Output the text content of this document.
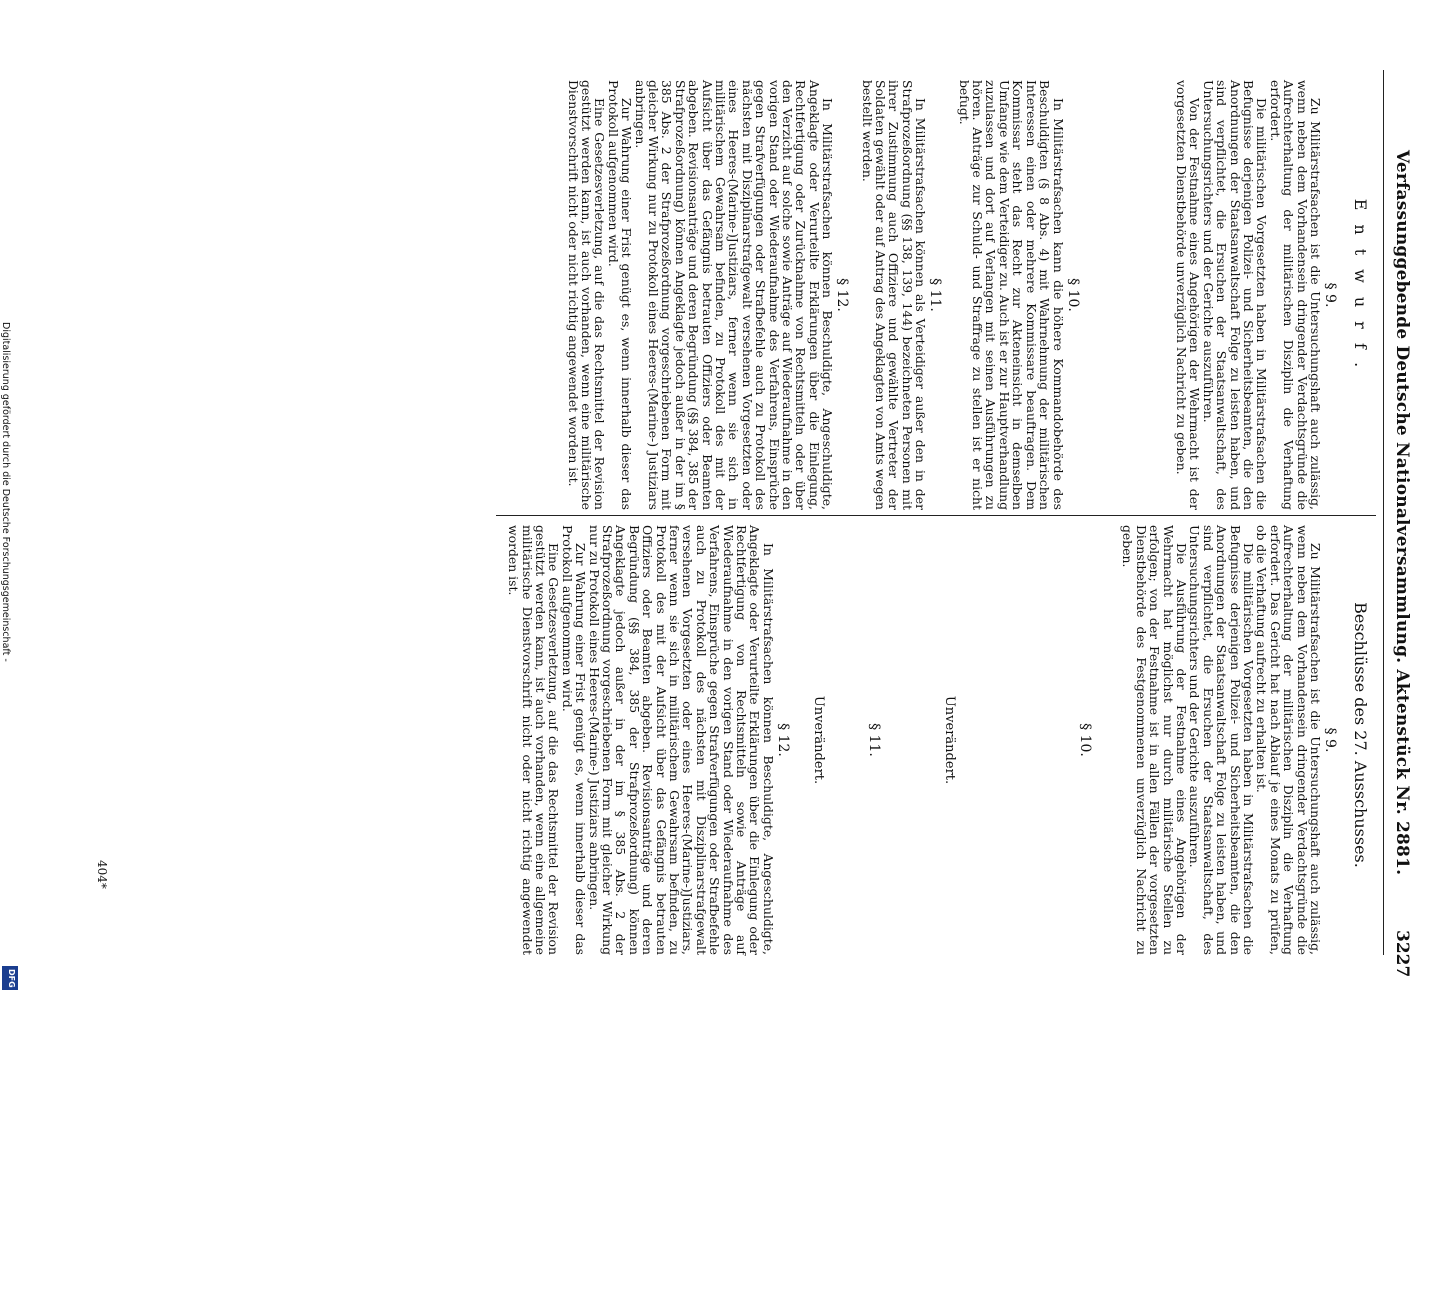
Verfassunggebende Deutsche Nationalversammlung. Aktenstück Nr. 2881.
3227
Entwurf.
§ 9.

Zu Militärstrafsachen ist die Untersuchungshaft auch zulässig, wenn neben dem Vorhandensein dringender Verdachtsgründe die Aufrechterhaltung der militärischen Disziplin die Verhaftung erfordert.

Die militärischen Vorgesetzten haben in Militärstrafsachen die Befugnisse derjenigen Polizei- und Sicherheitsbeamten, die den Anordnungen der Staatsanwaltschaft Folge zu leisten haben, und sind verpflichtet, die Ersuchen der Staatsanwaltschaft, des Untersuchungsrichters und der Gerichte auszuführen.

Von der Festnahme eines Angehörigen der Wehrmacht ist der vorgesetzten Dienstbehörde unverzüglich Nachricht zu geben.

§ 10.

In Militärstrafsachen kann die höhere Kommandobehörde des Beschuldigten (§ 8 Abs. 4) mit Wahrnehmung der militärischen Interessen einen oder mehrere Kommissare beauftragen. Dem Kommissar steht das Recht zur Akteneinsicht in demselben Umfange wie dem Verteidiger zu. Auch ist er zur Hauptverhandlung zuzulassen und dort auf Verlangen mit seinen Ausführungen zu hören. Anträge zur Schuld- und Straffrage zu stellen ist er nicht befugt.

§ 11.

In Militärstrafsachen können als Verteidiger außer den in der Strafprozeßordnung (§§ 138, 139, 144) bezeichneten Personen mit ihrer Zustimmung auch Offiziere und gewählte Vertreter der Soldaten gewählt oder auf Antrag des Angeklagten von Amts wegen bestellt werden.

§ 12.

In Militärstrafsachen können Beschuldigte, Angeschuldigte, Angeklagte oder Verurteilte Erklärungen über die Einlegung, Rechtfertigung oder Zurücknahme von Rechtsmitteln oder über den Verzicht auf solche sowie Anträge auf Wiederaufnahme in den vorigen Stand oder Wiederaufnahme des Verfahrens, Einsprüche gegen Strafverfügungen oder Strafbefehle auch zu Protokoll des nächsten mit Disziplinarstrafgewalt versehenen Vorgesetzten oder eines Heeres-(Marine-)Justiziars, ferner wenn sie sich in militärischem Gewahrsam befinden, zu Protokoll des mit der Aufsicht über das Gefängnis betrauten Offiziers oder Beamten abgeben. Revisionsanträge und deren Begründung (§§ 384, 385 der Strafprozeßordnung) können Angeklagte jedoch außer in der im § 385 Abs. 2 der Strafprozeßordnung vorgeschriebenen Form mit gleicher Wirkung nur zu Protokoll eines Heeres-(Marine-) Justiziars anbringen.

Zur Wahrung einer Frist genügt es, wenn innerhalb dieser das Protokoll aufgenommen wird.

Eine Gesetzesverletzung, auf die das Rechtsmittel der Revision gestützt werden kann, ist auch vorhanden, wenn eine militärische Dienstvorschrift nicht oder nicht richtig angewendet worden ist.

Beschlüsse des 27. Ausschusses.
§ 9.

Zu Militärstrafsachen ist die Untersuchungshaft auch zulässig, wenn neben dem Vorhandensein dringender Verdachtsgründe die Aufrechterhaltung der militärischen Disziplin die Verhaftung erfordert. Das Gericht hat nach Ablauf je eines Monats zu prüfen, ob die Verhaftung aufrecht zu erhalten ist.

Die militärischen Vorgesetzten haben in Militärstrafsachen die Befugnisse derjenigen Polizei- und Sicherheitsbeamten, die den Anordnungen der Staatsanwaltschaft Folge zu leisten haben, und sind verpflichtet, die Ersuchen der Staatsanwaltschaft, des Untersuchungsrichters und der Gerichte auszuführen.

Die Ausführung der Festnahme eines Angehörigen der Wehrmacht hat möglichst nur durch militärische Stellen zu erfolgen; von der Festnahme ist in allen Fällen der vorgesetzten Dienstbehörde des Festgenommenen unverzüglich Nachricht zu geben.

§ 10.
Unverändert.
§ 11.
Unverändert.
§ 12.

In Militärstrafsachen können Beschuldigte, Angeschuldigte, Angeklagte oder Verurteilte Erklärungen über die Einlegung oder Rechtfertigung von Rechtsmitteln sowie Anträge auf Wiederaufnahme in den vorigen Stand oder Wiederaufnahme des Verfahrens, Einsprüche gegen Strafverfügungen oder Strafbefehle auch zu Protokoll des nächsten mit Disziplinarstrafgewalt versehenen Vorgesetzten oder eines Heeres-(Marine-)Justiziars, ferner wenn sie sich in militärischem Gewahrsam befinden, zu Protokoll des mit der Aufsicht über das Gefängnis betrauten Offiziers oder Beamten abgeben. Revisionsanträge und deren Begründung (§§ 384, 385 der Strafprozeßordnung) können Angeklagte jedoch außer in der im § 385 Abs. 2 der Strafprozeßordnung vorgeschriebenen Form mit gleicher Wirkung nur zu Protokoll eines Heeres-(Marine-) Justiziars anbringen.

Zur Wahrung einer Frist genügt es, wenn innerhalb dieser das Protokoll aufgenommen wird.

Eine Gesetzesverletzung, auf die das Rechtsmittel der Revision gestützt werden kann, ist auch vorhanden, wenn eine allgemeine militärische Dienstvorschrift nicht oder nicht richtig angewendet worden ist.

404*
Digitalisierung gefördert durch die Deutsche Forschungsgemeinschaft -
DFG
